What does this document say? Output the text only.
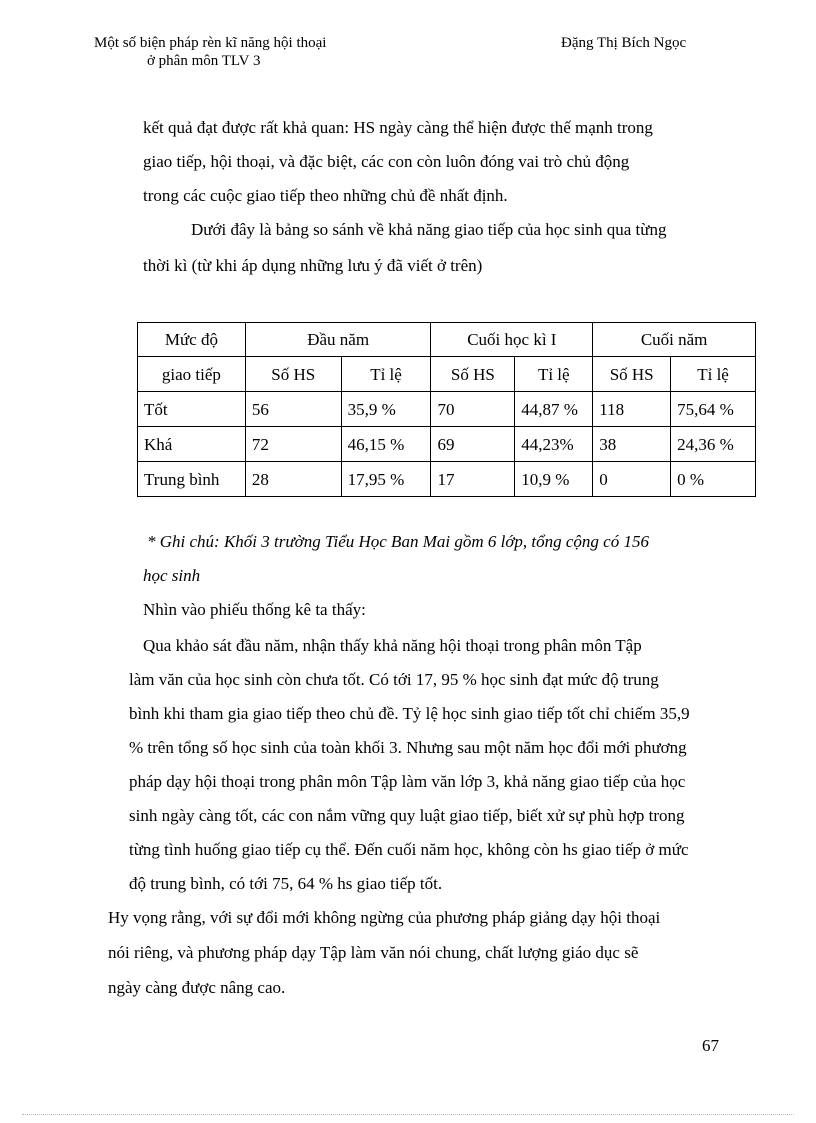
Một số biện pháp rèn kĩ năng hội thoại
ở phân môn TLV 3
Đặng Thị Bích Ngọc
kết quả đạt được rất khả quan: HS ngày càng thể hiện được thế mạnh trong
giao tiếp, hội thoại, và đặc biệt, các con còn luôn đóng vai trò chủ động
trong các cuộc giao tiếp theo những chủ đề nhất định.
Dưới đây là bảng so sánh về khả năng giao tiếp của học sinh qua từng
thời kì (từ khi áp dụng những lưu ý đã viết ở trên)
Mức độ	Đầu năm		Cuối học kì I		Cuối năm	
giao tiếp	Số HS	Tỉ lệ	Số HS	Tỉ lệ	Số HS	Tỉ lệ
Tốt	56	35,9 %	70	44,87 %	118	75,64 %
Khá	72	46,15 %	69	44,23%	38	24,36 %
Trung bình	28	17,95 %	17	10,9 %	0	0 %
* Ghi chú: Khối 3 trường Tiểu Học Ban Mai gồm 6 lớp, tổng cộng có 156
học sinh
Nhìn vào phiếu thống kê ta thấy:
Qua khảo sát đầu năm, nhận thấy khả năng hội thoại trong phân môn Tập
làm văn của học sinh còn chưa tốt. Có tới 17, 95 % học sinh đạt mức độ trung
bình khi tham gia giao tiếp theo chủ đề. Tỷ lệ học sinh giao tiếp tốt chỉ chiếm 35,9
% trên tổng số học sinh của toàn khối 3. Nhưng sau một năm học đổi mới phương
pháp dạy hội thoại trong phân môn Tập làm văn lớp 3, khả năng giao tiếp của học
sinh ngày càng tốt, các con nắm vững quy luật giao tiếp, biết xử sự phù hợp trong
từng tình huống giao tiếp cụ thể. Đến cuối năm học, không còn hs giao tiếp ở mức
độ trung bình, có tới 75, 64 % hs giao tiếp tốt.
Hy vọng rằng, với sự đổi mới không ngừng của phương pháp giảng dạy hội thoại
nói riêng, và phương pháp dạy Tập làm văn nói chung, chất lượng giáo dục sẽ
ngày càng được nâng cao.
67
